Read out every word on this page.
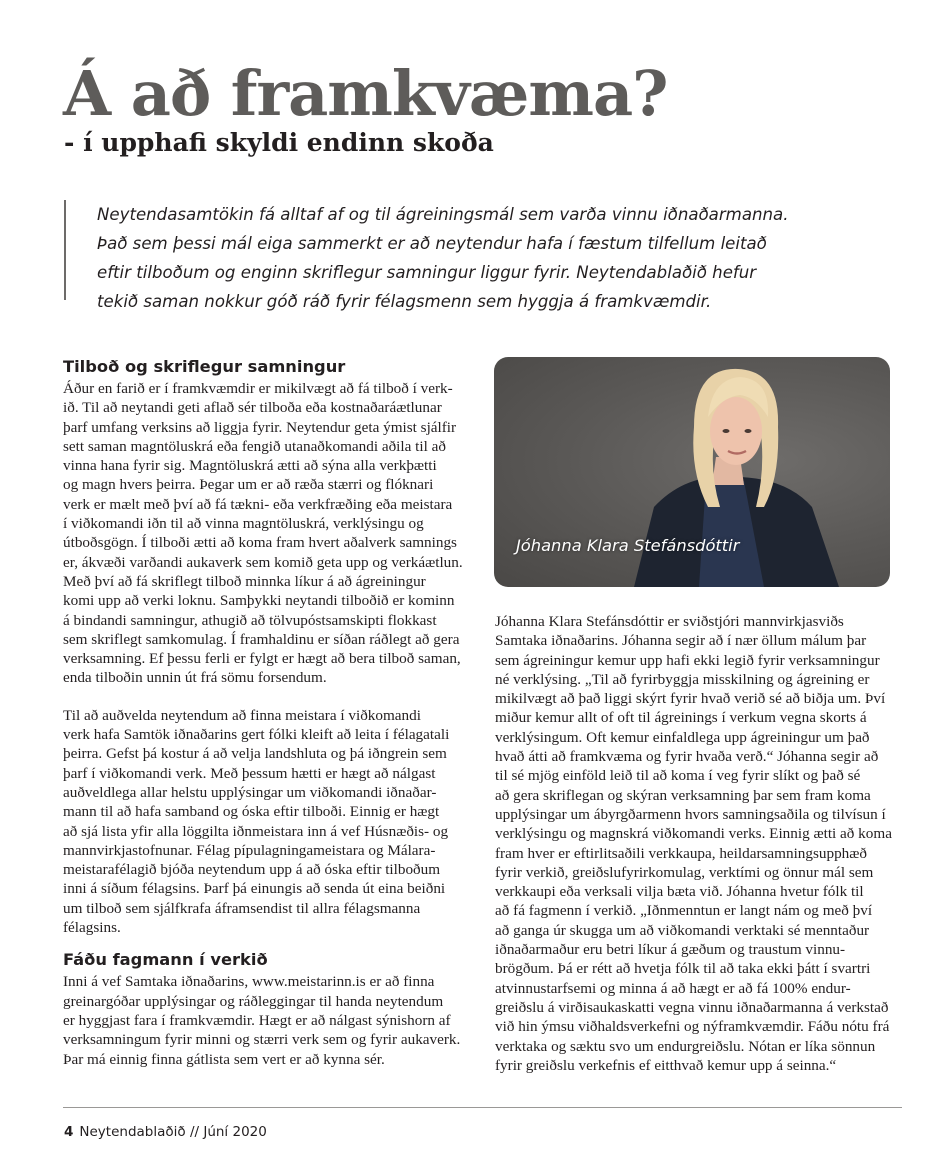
Á að framkvæma?
- í upphafi skyldi endinn skoða

Neytendasamtökin fá alltaf af og til ágreiningsmál sem varða vinnu iðnaðarmanna.
Það sem þessi mál eiga sammerkt er að neytendur hafa í fæstum tilfellum leitað
eftir tilboðum og enginn skriflegur samningur liggur fyrir. Neytendablaðið hefur
tekið saman nokkur góð ráð fyrir félagsmenn sem hyggja á framkvæmdir.

Tilboð og skriflegur samningur

Áður en farið er í framkvæmdir er mikilvægt að fá tilboð í verk-
ið. Til að neytandi geti aflað sér tilboða eða kostnaðaráætlunar
þarf umfang verksins að liggja fyrir. Neytendur geta ýmist sjálfir
sett saman magntöluskrá eða fengið utanaðkomandi aðila til að
vinna hana fyrir sig. Magntöluskrá ætti að sýna alla verkþætti
og magn hvers þeirra. Þegar um er að ræða stærri og flóknari
verk er mælt með því að fá tækni- eða verkfræðing eða meistara
í viðkomandi iðn til að vinna magntöluskrá, verklýsingu og
útboðsgögn. Í tilboði ætti að koma fram hvert aðalverk samnings
er, ákvæði varðandi aukaverk sem komið geta upp og verkáætlun.
Með því að fá skriflegt tilboð minnka líkur á að ágreiningur
komi upp að verki loknu. Samþykki neytandi tilboðið er kominn
á bindandi samningur, athugið að tölvupóstsamskipti flokkast
sem skriflegt samkomulag. Í framhaldinu er síðan ráðlegt að gera
verksamning. Ef þessu ferli er fylgt er hægt að bera tilboð saman,
enda tilboðin unnin út frá sömu forsendum.

Til að auðvelda neytendum að finna meistara í viðkomandi
verk hafa Samtök iðnaðarins gert fólki kleift að leita í félagatali
þeirra. Gefst þá kostur á að velja landshluta og þá iðngrein sem
þarf í viðkomandi verk. Með þessum hætti er hægt að nálgast
auðveldlega allar helstu upplýsingar um viðkomandi iðnaðar-
mann til að hafa samband og óska eftir tilboði. Einnig er hægt
að sjá lista yfir alla löggilta iðnmeistara inn á vef Húsnæðis- og
mannvirkjastofnunar. Félag pípulagningameistara og Málara-
meistarafélagið bjóða neytendum upp á að óska eftir tilboðum
inni á síðum félagsins. Þarf þá einungis að senda út eina beiðni
um tilboð sem sjálfkrafa áframsendist til allra félagsmanna
félagsins.

Fáðu fagmann í verkið

Inni á vef Samtaka iðnaðarins, www.meistarinn.is er að finna
greinargóðar upplýsingar og ráðleggingar til handa neytendum
er hyggjast fara í framkvæmdir. Hægt er að nálgast sýnishorn af
verksamningum fyrir minni og stærri verk sem og fyrir aukaverk.
Þar má einnig finna gátlista sem vert er að kynna sér.

Jóhanna Klara Stefánsdóttir

Jóhanna Klara Stefánsdóttir er sviðstjóri mannvirkjasviðs
Samtaka iðnaðarins. Jóhanna segir að í nær öllum málum þar
sem ágreiningur kemur upp hafi ekki legið fyrir verksamningur
né verklýsing. „Til að fyrirbyggja misskilning og ágreining er
mikilvægt að það liggi skýrt fyrir hvað verið sé að biðja um. Því
miður kemur allt of oft til ágreinings í verkum vegna skorts á
verklýsingum. Oft kemur einfaldlega upp ágreiningur um það
hvað átti að framkvæma og fyrir hvaða verð.“ Jóhanna segir að
til sé mjög einföld leið til að koma í veg fyrir slíkt og það sé
að gera skriflegan og skýran verksamning þar sem fram koma
upplýsingar um ábyrgðarmenn hvors samningsaðila og tilvísun í
verklýsingu og magnskrá viðkomandi verks. Einnig ætti að koma
fram hver er eftirlitsaðili verkkaupa, heildarsamningsupphæð
fyrir verkið, greiðslufyrirkomulag, verktími og önnur mál sem
verkkaupi eða verksali vilja bæta við. Jóhanna hvetur fólk til
að fá fagmenn í verkið. „Iðnmenntun er langt nám og með því
að ganga úr skugga um að viðkomandi verktaki sé menntaður
iðnaðarmaður eru betri líkur á gæðum og traustum vinnu-
brögðum. Þá er rétt að hvetja fólk til að taka ekki þátt í svartri
atvinnustarfsemi og minna á að hægt er að fá 100% endur-
greiðslu á virðisaukaskatti vegna vinnu iðnaðarmanna á verkstað
við hin ýmsu viðhaldsverkefni og nýframkvæmdir. Fáðu nótu frá
verktaka og sæktu svo um endurgreiðslu. Nótan er líka sönnun
fyrir greiðslu verkefnis ef eitthvað kemur upp á seinna.“

4 Neytendablaðið // Júní 2020
